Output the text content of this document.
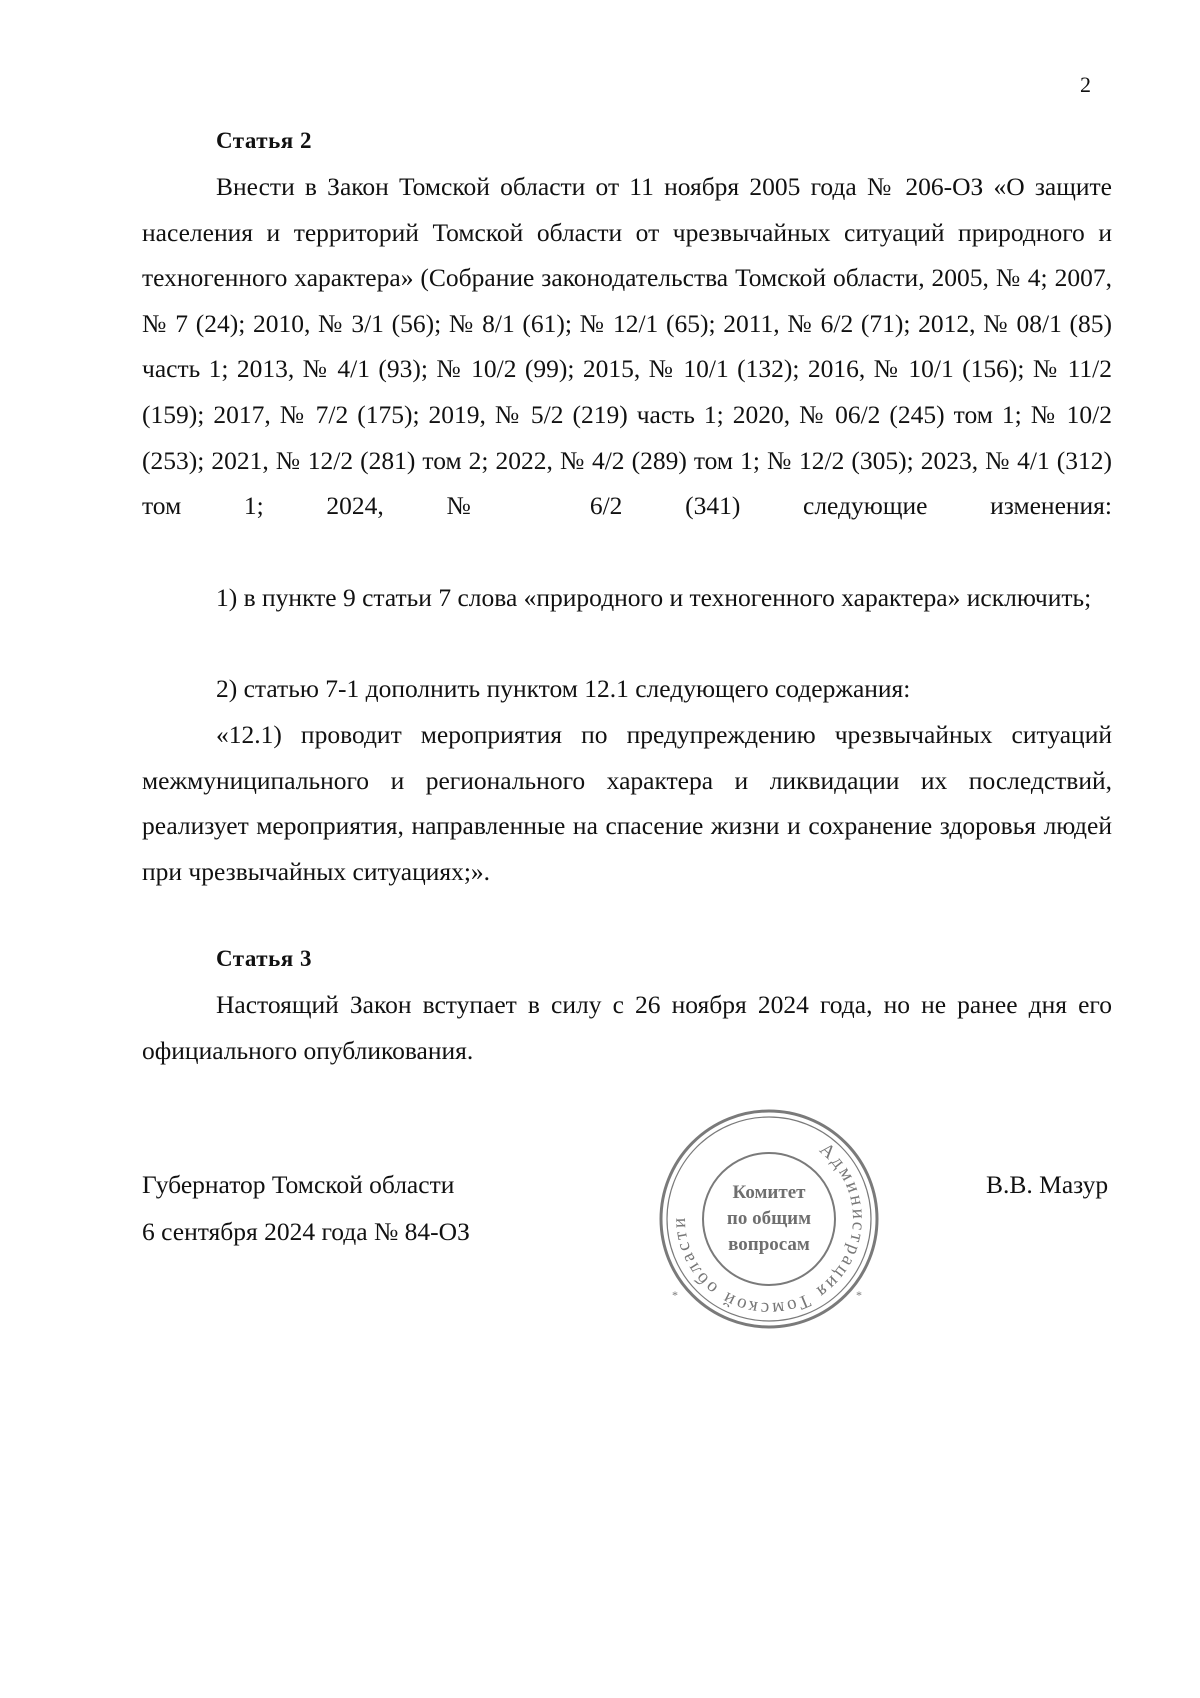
2
Статья 2

Внести в Закон Томской области от 11 ноября 2005 года № 206-ОЗ «О защите населения и территорий Томской области от чрезвычайных ситуаций природного и техногенного характера» (Собрание законодательства Томской области, 2005, № 4; 2007, № 7 (24); 2010, № 3/1 (56); № 8/1 (61); № 12/1 (65); 2011, № 6/2 (71); 2012, № 08/1 (85) часть 1; 2013, № 4/1 (93); № 10/2 (99); 2015, № 10/1 (132); 2016, № 10/1 (156); № 11/2 (159); 2017, № 7/2 (175); 2019, № 5/2 (219) часть 1; 2020, № 06/2 (245) том 1; № 10/2 (253); 2021, № 12/2 (281) том 2; 2022, № 4/2 (289) том 1; № 12/2 (305); 2023, № 4/1 (312) том 1; 2024, № 6/2 (341) следующие изменения:

1) в пункте 9 статьи 7 слова «природного и техногенного характера» исключить;

2) статью 7-1 дополнить пунктом 12.1 следующего содержания:

«12.1) проводит мероприятия по предупреждению чрезвычайных ситуаций межмуниципального и регионального характера и ликвидации их последствий, реализует мероприятия, направленные на спасение жизни и сохранение здоровья людей при чрезвычайных ситуациях;».

Статья 3

Настоящий Закон вступает в силу с 26 ноября 2024 года, но не ранее дня его официального опубликования.

Губернатор Томской области
6 сентября 2024 года № 84-ОЗ
В.В. Мазур
Администрация Томской области
*	*
Комитет
по общим
вопросам
